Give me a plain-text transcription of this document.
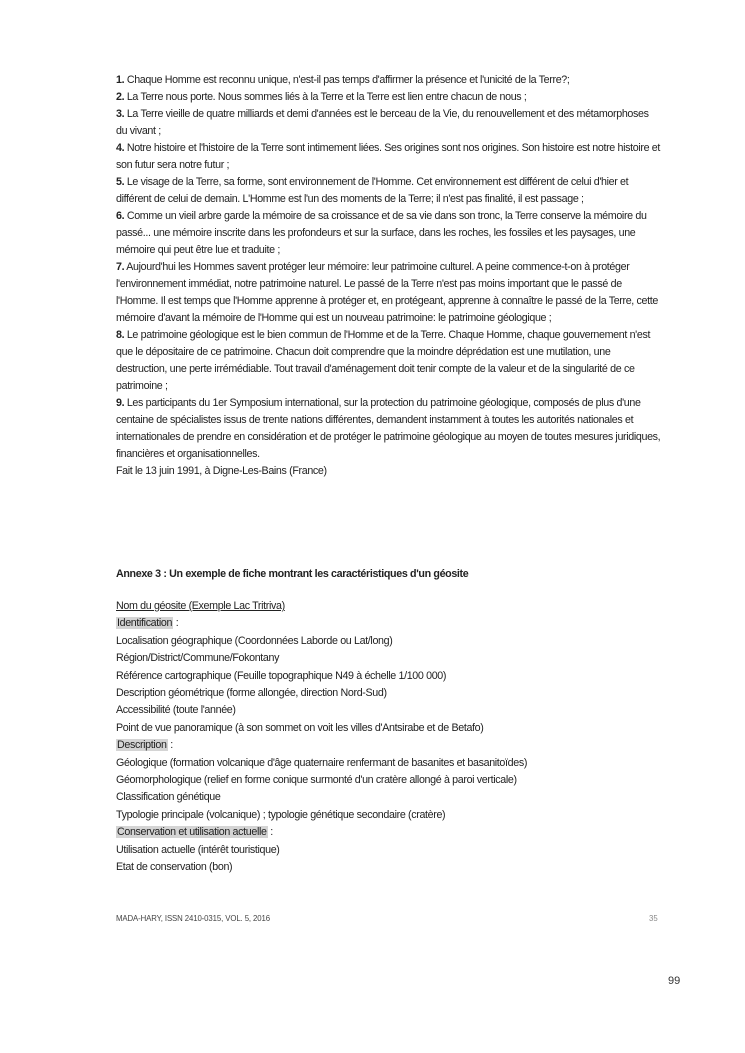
1. Chaque Homme est reconnu unique, n'est-il pas temps d'affirmer la présence et l'unicité de la Terre?;

2. La Terre nous porte. Nous sommes liés à la Terre et la Terre est lien entre chacun de nous ;

3. La Terre vieille de quatre milliards et demi d'années est le berceau de la Vie, du renouvellement et des métamorphoses du vivant ;

4. Notre histoire et l'histoire de la Terre sont intimement liées. Ses origines sont nos origines. Son histoire est notre histoire et son futur sera notre futur ;

5. Le visage de la Terre, sa forme, sont environnement de l'Homme. Cet environnement est différent de celui d'hier et différent de celui de demain. L'Homme est l'un des moments de la Terre; il n'est pas finalité, il est passage ;

6. Comme un vieil arbre garde la mémoire de sa croissance et de sa vie dans son tronc, la Terre conserve la mémoire du passé... une mémoire inscrite dans les profondeurs et sur la surface, dans les roches, les fossiles et les paysages, une mémoire qui peut être lue et traduite ;

7. Aujourd'hui les Hommes savent protéger leur mémoire: leur patrimoine culturel. A peine commence-t-on à protéger l'environnement immédiat, notre patrimoine naturel. Le passé de la Terre n'est pas moins important que le passé de l'Homme. Il est temps que l'Homme apprenne à protéger et, en protégeant, apprenne à connaître le passé de la Terre, cette mémoire d'avant la mémoire de l'Homme qui est un nouveau patrimoine: le patrimoine géologique ;

8. Le patrimoine géologique est le bien commun de l'Homme et de la Terre. Chaque Homme, chaque gouvernement n'est que le dépositaire de ce patrimoine. Chacun doit comprendre que la moindre déprédation est une mutilation, une destruction, une perte irrémédiable. Tout travail d'aménagement doit tenir compte de la valeur et de la singularité de ce patrimoine ;

9. Les participants du 1er Symposium international, sur la protection du patrimoine géologique, composés de plus d'une centaine de spécialistes issus de trente nations différentes, demandent instamment à toutes les autorités nationales et internationales de prendre en considération et de protéger le patrimoine géologique au moyen de toutes mesures juridiques, financières et organisationnelles.

Fait le 13 juin 1991, à Digne-Les-Bains (France)

Annexe 3 : Un exemple de fiche montrant les caractéristiques d'un géosite
Nom du géosite (Exemple Lac Tritriva)
Identification :
Localisation géographique (Coordonnées Laborde ou Lat/long)
Région/District/Commune/Fokontany
Référence cartographique (Feuille topographique N49 à échelle 1/100 000)
Description géométrique (forme allongée, direction Nord-Sud)
Accessibilité (toute l'année)
Point de vue panoramique (à son sommet on voit les villes d'Antsirabe et de Betafo)
Description :
Géologique (formation volcanique d'âge quaternaire renfermant de basanites et basanitoïdes)
Géomorphologique (relief en forme conique surmonté d'un cratère allongé à paroi verticale)
Classification génétique
Typologie principale (volcanique) ; typologie génétique secondaire (cratère)
Conservation et utilisation actuelle :
Utilisation actuelle (intérêt touristique)
Etat de conservation (bon)
MADA-HARY, ISSN 2410-0315, VOL. 5, 2016	35
99
